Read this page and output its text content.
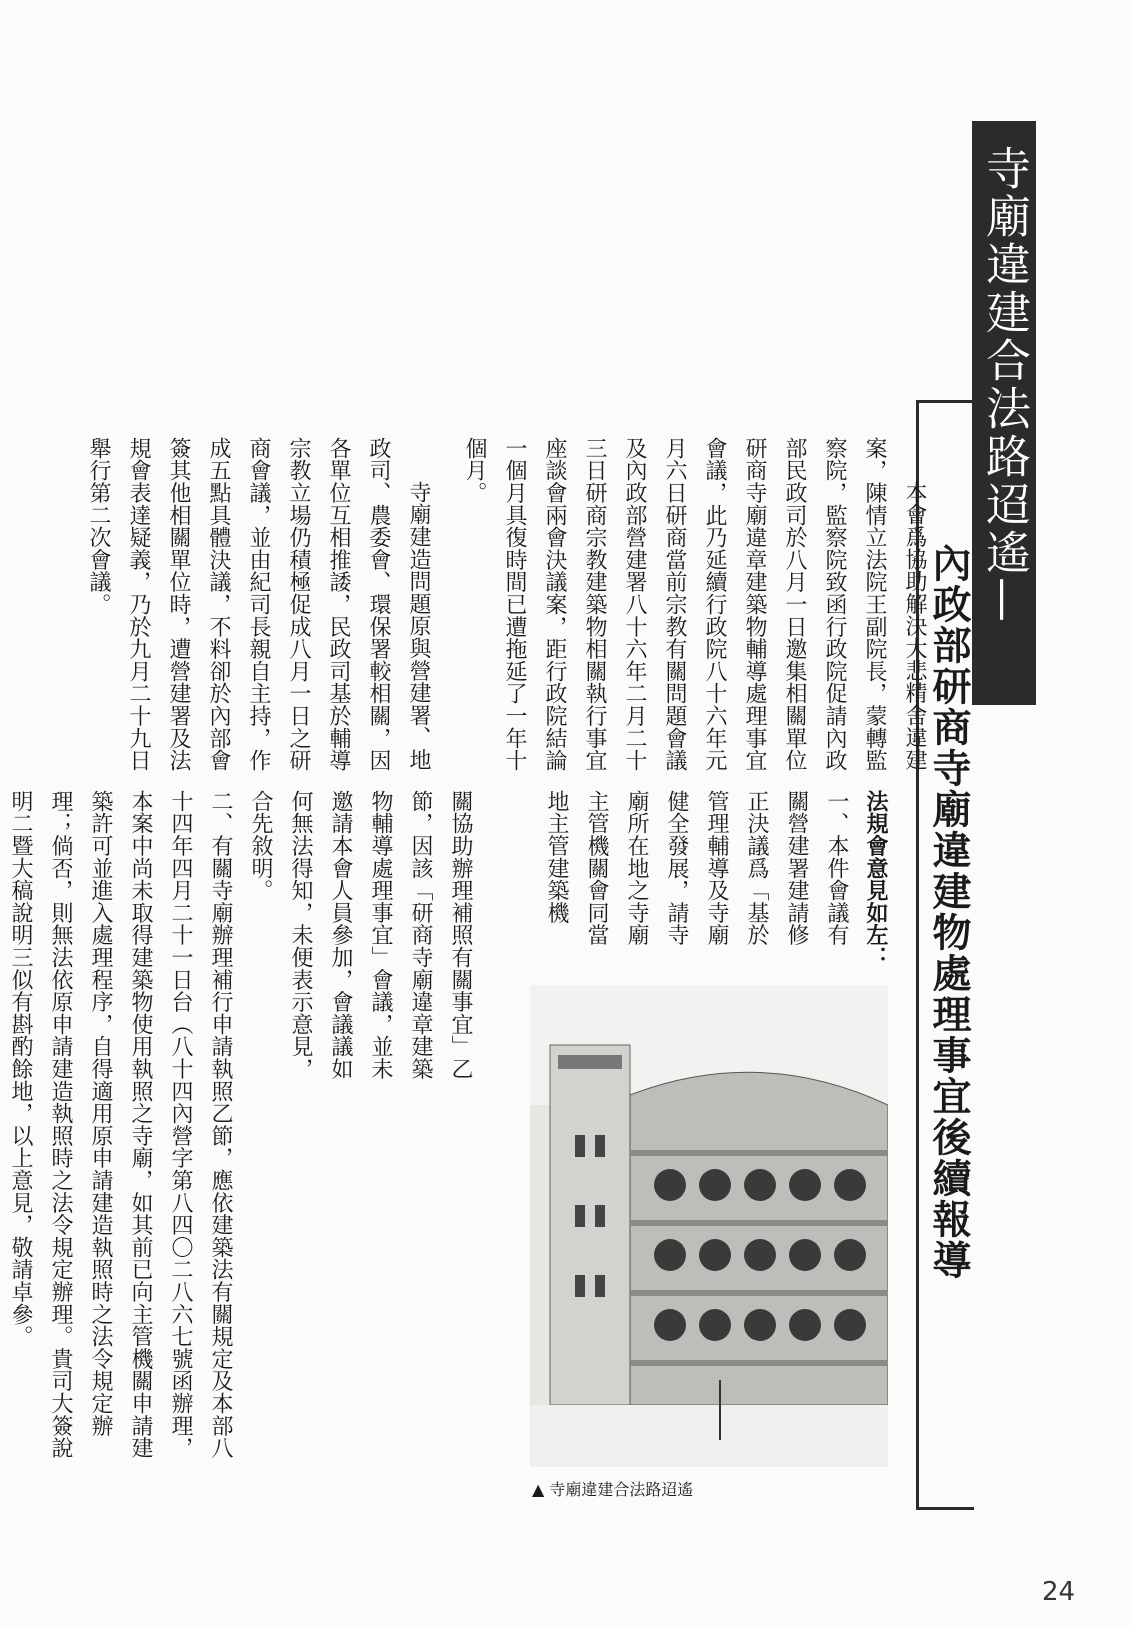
寺廟違建合法路迢遙—
內政部研商寺廟違建物處理事宜後續報導

本會爲協助解決大悲精舍違建案，陳情立法院王副院長，蒙轉監察院，監察院致函行政院促請內政部民政司於八月一日邀集相關單位研商寺廟違章建築物輔導處理事宜會議，此乃延續行政院八十六年元月六日研商當前宗教有關問題會議及內政部營建署八十六年二月二十三日研商宗教建築物相關執行事宜座談會兩會決議案，距行政院結論一個月具復時間已遭拖延了一年十個月。

寺廟建造問題原與營建署、地政司、農委會、環保署較相關，因各單位互相推諉，民政司基於輔導宗教立場仍積極促成八月一日之研商會議，並由紀司長親自主持，作成五點具體決議，不料卻於內部會簽其他相關單位時，遭營建署及法規會表達疑義，乃於九月二十九日舉行第二次會議。

法規會意見如左：
一、本件會議有關營建署建請修正決議爲「基於管理輔導及寺廟健全發展，請寺廟所在地之寺廟主管機關會同當地主管建築機
關協助辦理補照有關事宜」乙節，因該「研商寺廟違章建築物輔導處理事宜」會議，並未邀請本會人員參加，會議議如何無法得知，未便表示意見，合先敘明。
二、有關寺廟辦理補行申請執照乙節，應依建築法有關規定及本部八十四年四月二十一日台（八十四內營字第八四〇二八六七號函辦理，本案中尚未取得建築物使用執照之寺廟，如其前已向主管機關申請建築許可並進入處理程序，自得適用原申請建造執照時之法令規定辦理；倘否，則無法依原申請建造執照時之法令規定辦理。貴司大簽說明二暨大稿說明三似有斟酌餘地，以上意見，敬請卓參。
▲ 寺廟違建合法路迢遙
24
